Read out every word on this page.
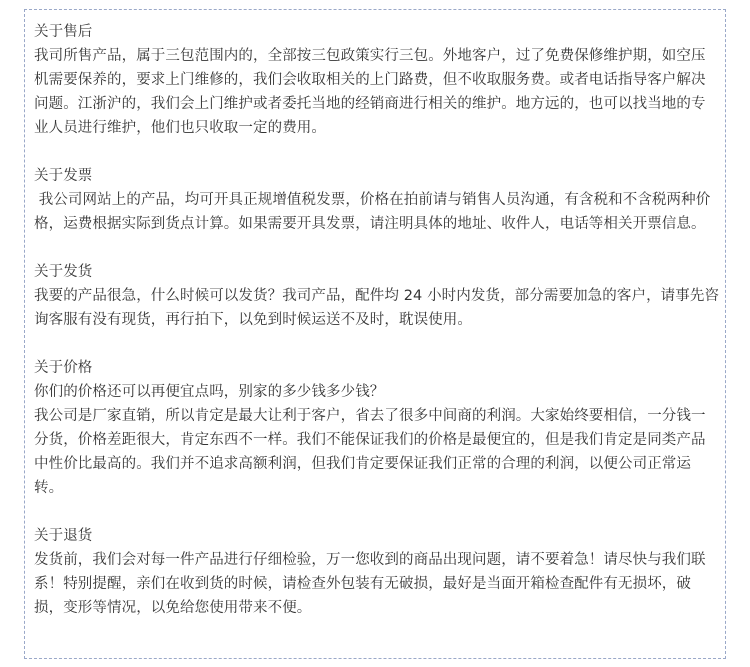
关于售后
我司所售产品，属于三包范围内的，全部按三包政策实行三包。外地客户，过了免费保修维护期，如空压机需要保养的，要求上门维修的，我们会收取相关的上门路费，但不收取服务费。或者电话指导客户解决问题。江浙沪的，我们会上门维护或者委托当地的经销商进行相关的维护。地方远的，也可以找当地的专业人员进行维护，他们也只收取一定的费用。
关于发票
我公司网站上的产品，均可开具正规增值税发票，价格在拍前请与销售人员沟通，有含税和不含税两种价格，运费根据实际到货点计算。如果需要开具发票，请注明具体的地址、收件人，电话等相关开票信息。
关于发货
我要的产品很急，什么时候可以发货？我司产品，配件均 24 小时内发货，部分需要加急的客户，请事先咨询客服有没有现货，再行拍下，以免到时候运送不及时，耽误使用。
关于价格
你们的价格还可以再便宜点吗，别家的多少钱多少钱？
我公司是厂家直销，所以肯定是最大让利于客户，省去了很多中间商的利润。大家始终要相信，一分钱一分货，价格差距很大，肯定东西不一样。我们不能保证我们的价格是最便宜的，但是我们肯定是同类产品中性价比最高的。我们并不追求高额利润，但我们肯定要保证我们正常的合理的利润，以便公司正常运转。
关于退货
发货前，我们会对每一件产品进行仔细检验，万一您收到的商品出现问题，请不要着急！请尽快与我们联系！特别提醒，亲们在收到货的时候，请检查外包装有无破损，最好是当面开箱检查配件有无损坏，破损，变形等情况，以免给您使用带来不便。
